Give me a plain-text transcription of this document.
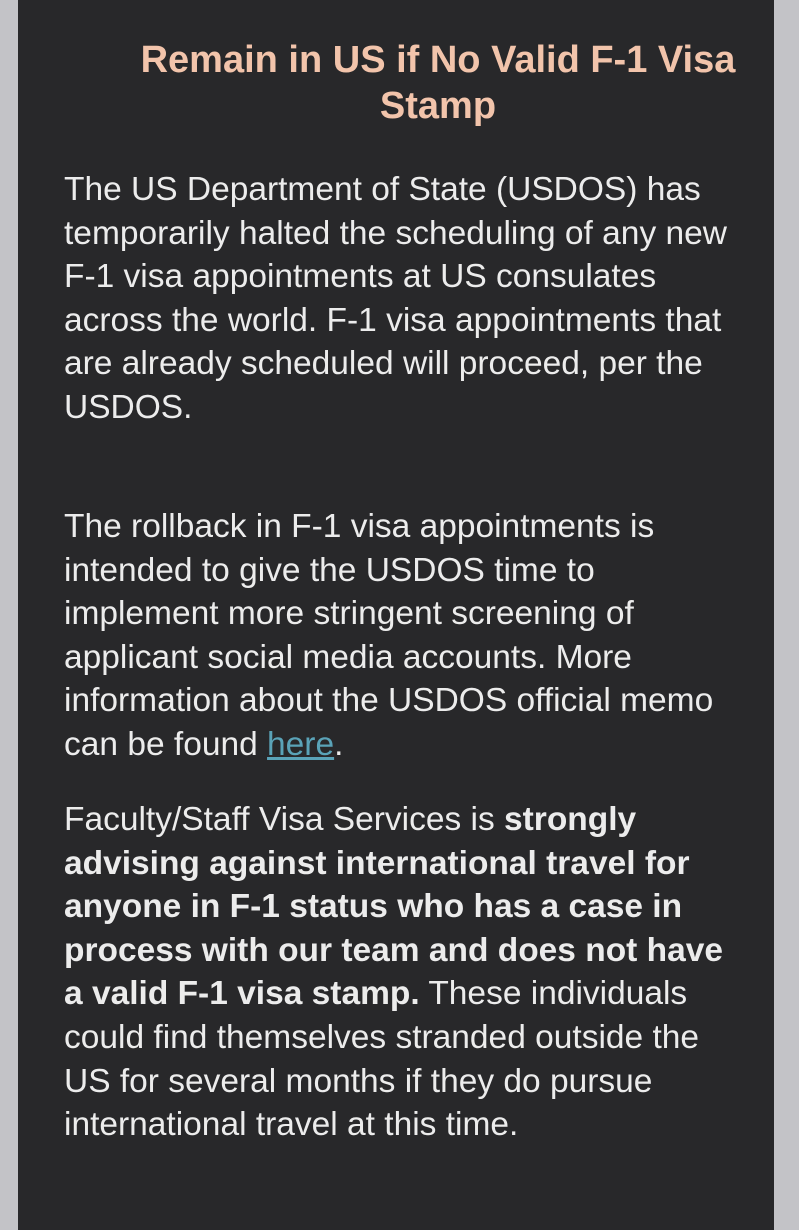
Remain in US if No Valid F-1 Visa Stamp

The US Department of State (USDOS) has temporarily halted the scheduling of any new F-1 visa appointments at US consulates across the world. F-1 visa appointments that are already scheduled will proceed, per the USDOS.

The rollback in F-1 visa appointments is intended to give the USDOS time to implement more stringent screening of applicant social media accounts. More information about the USDOS official memo can be found here.

Faculty/Staff Visa Services is strongly advising against international travel for anyone in F-1 status who has a case in process with our team and does not have a valid F-1 visa stamp. These individuals could find themselves stranded outside the US for several months if they do pursue international travel at this time.
